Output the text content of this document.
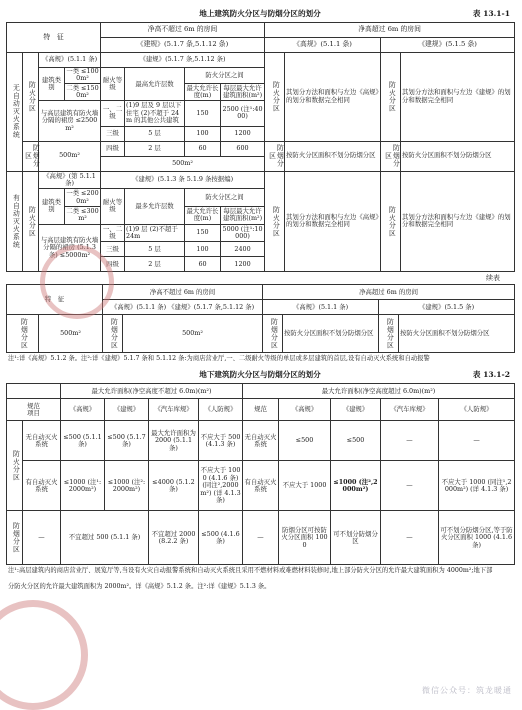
地上建筑防火分区与防烟分区的划分	表 13.1-1
特　征				净高不超过 6m 的房间				净高超过 6m 的房间			
				《建规》(5.1.7 条,5.1.12 条)				《高规》(5.1.1 条)		《建规》(5.1.5 条)	
无自动灭火系统	防火分区	《高规》(5.1.1 条)		《建规》(5.1.7 条,5.1.12 条)				防火分区	其划分方法和面积与左边《高规》的划分和数据完全相同	防火分区	其划分方法和面积与左边《建规》的划分和数据完全相同
		建筑类别	一类 ≤1000m²	耐火等级	最高允许层数	防火分区之间					
			二类 ≤1500m²			最大允许长度(m)	每层最大允许建筑面积(m²)				
		与高层建筑有防火墙分隔的裙房 ≤2500m²		一、二级	(1)9 层及 9 层以下住宅 (2)不超于 24m 的其他公共建筑	150	2500 (注¹:4000)				
				三级	5 层	100	1200				
	防烟分区	500m²		四级	2 层	60	600	防烟分区	按防火分区面积不划分防烟分区	防烟分区	按防火分区面积不划分防烟分区
				500m²							
有自动灭火系统	防火分区	《高规》(第 5.1.1 条)		《建规》(5.1.3 条 5.1.9 条按据编)				防火分区	其划分方法和面积与左边《高规》的划分和数据完全相同	防火分区	其划分方法和面积与左边《建规》的划分和数据完全相同
		建筑类别	一类 ≤2000m²	耐火等级	最多允许层数	防火分区之间					
			二类 ≤300m²			最大允许长度(m)	每层最大允许建筑面积(m²)				
		与高层建筑有防火墙分隔的裙房 (5.1.3 条) ≤5000m²		一、二级	(1)9 层 (2)不超于 24m	150	5000 (注¹:10000)				

				三级	5 层	100	2400				
				四级	2 层	60	1200				
续表
特　征		净高不超过 6m 的房间		净高超过 6m 的房间			
		《高规》(5.1.1 条) 《建规》(5.1.7 条,5.1.12 条)		《高规》(5.1.1 条)		《建规》(5.1.5 条)	
防烟分区	500m²	防烟分区	500m²	防烟分区	按防火分区面积不划分防烟分区	防烟分区	按防火分区面积不划分防烟分区
注¹:详《高规》5.1.2 条。注²:详《建规》5.1.7 条和 5.1.12 条:为商店营业厅,一、二级耐火等级的单层或多层建筑的首层,设有自动灭火系统和自动报警
地下建筑防火分区与防烟分区的划分	表 13.1-2
		最大允许面积(净空高度不超过 6.0m)(m²)				最大允许面积(净空高度超过 6.0m)(m²)				
规范
项目		《高规》	《建规》	《汽车库规》	《人防规》	规范	《高规》	《建规》	《汽车库规》	《人防规》
防火分区	无自动灭火系统	≤500 (5.1.1 条)	≤500 (5.1.7 条)	最大允许面积为 2000 (5.1.1 条)	不应大于 500 (4.1.3 条)	无自动灭火系统	≤500	≤500	—	—
	有自动灭火系统	≤1000 (注¹:2000m²)	≤1000 (注²:2000m²)	≤4000 (5.1.2 条)	不应大于 1000 (4.1.6 条) (同注²,2000m²) (详 4.1.3 条)	有自动灭火系统	不应大于 1000	≤1000 (注²,2000m²)	—	不应大于 1000 (同注¹,2000m²) (详 4.1.3 条)
防烟分区	—	不宜超过 500 (5.1.1 条)		不宜超过 2000 (8.2.2 条)	≤500 (4.1.6 条)	—	防烟分区可按防火分区面积 1000	可不划分防烟分区	—	可不划分防烟分区,等于防火分区面积 1000 (4.1.6 条)
注¹:高层建筑内的商店营业厅、展览厅等,当设有火灾自动报警系统和自动灭火系统且采用不燃材料或难燃材料装修时,地上部分防火分区的允许最大建筑面积为 4000m²;地下部
分防火分区的允许最大建筑面积为 2000m²。详《高规》5.1.2 条。注²:详《建规》5.1.3 条。
微信公众号：筑龙暖通
